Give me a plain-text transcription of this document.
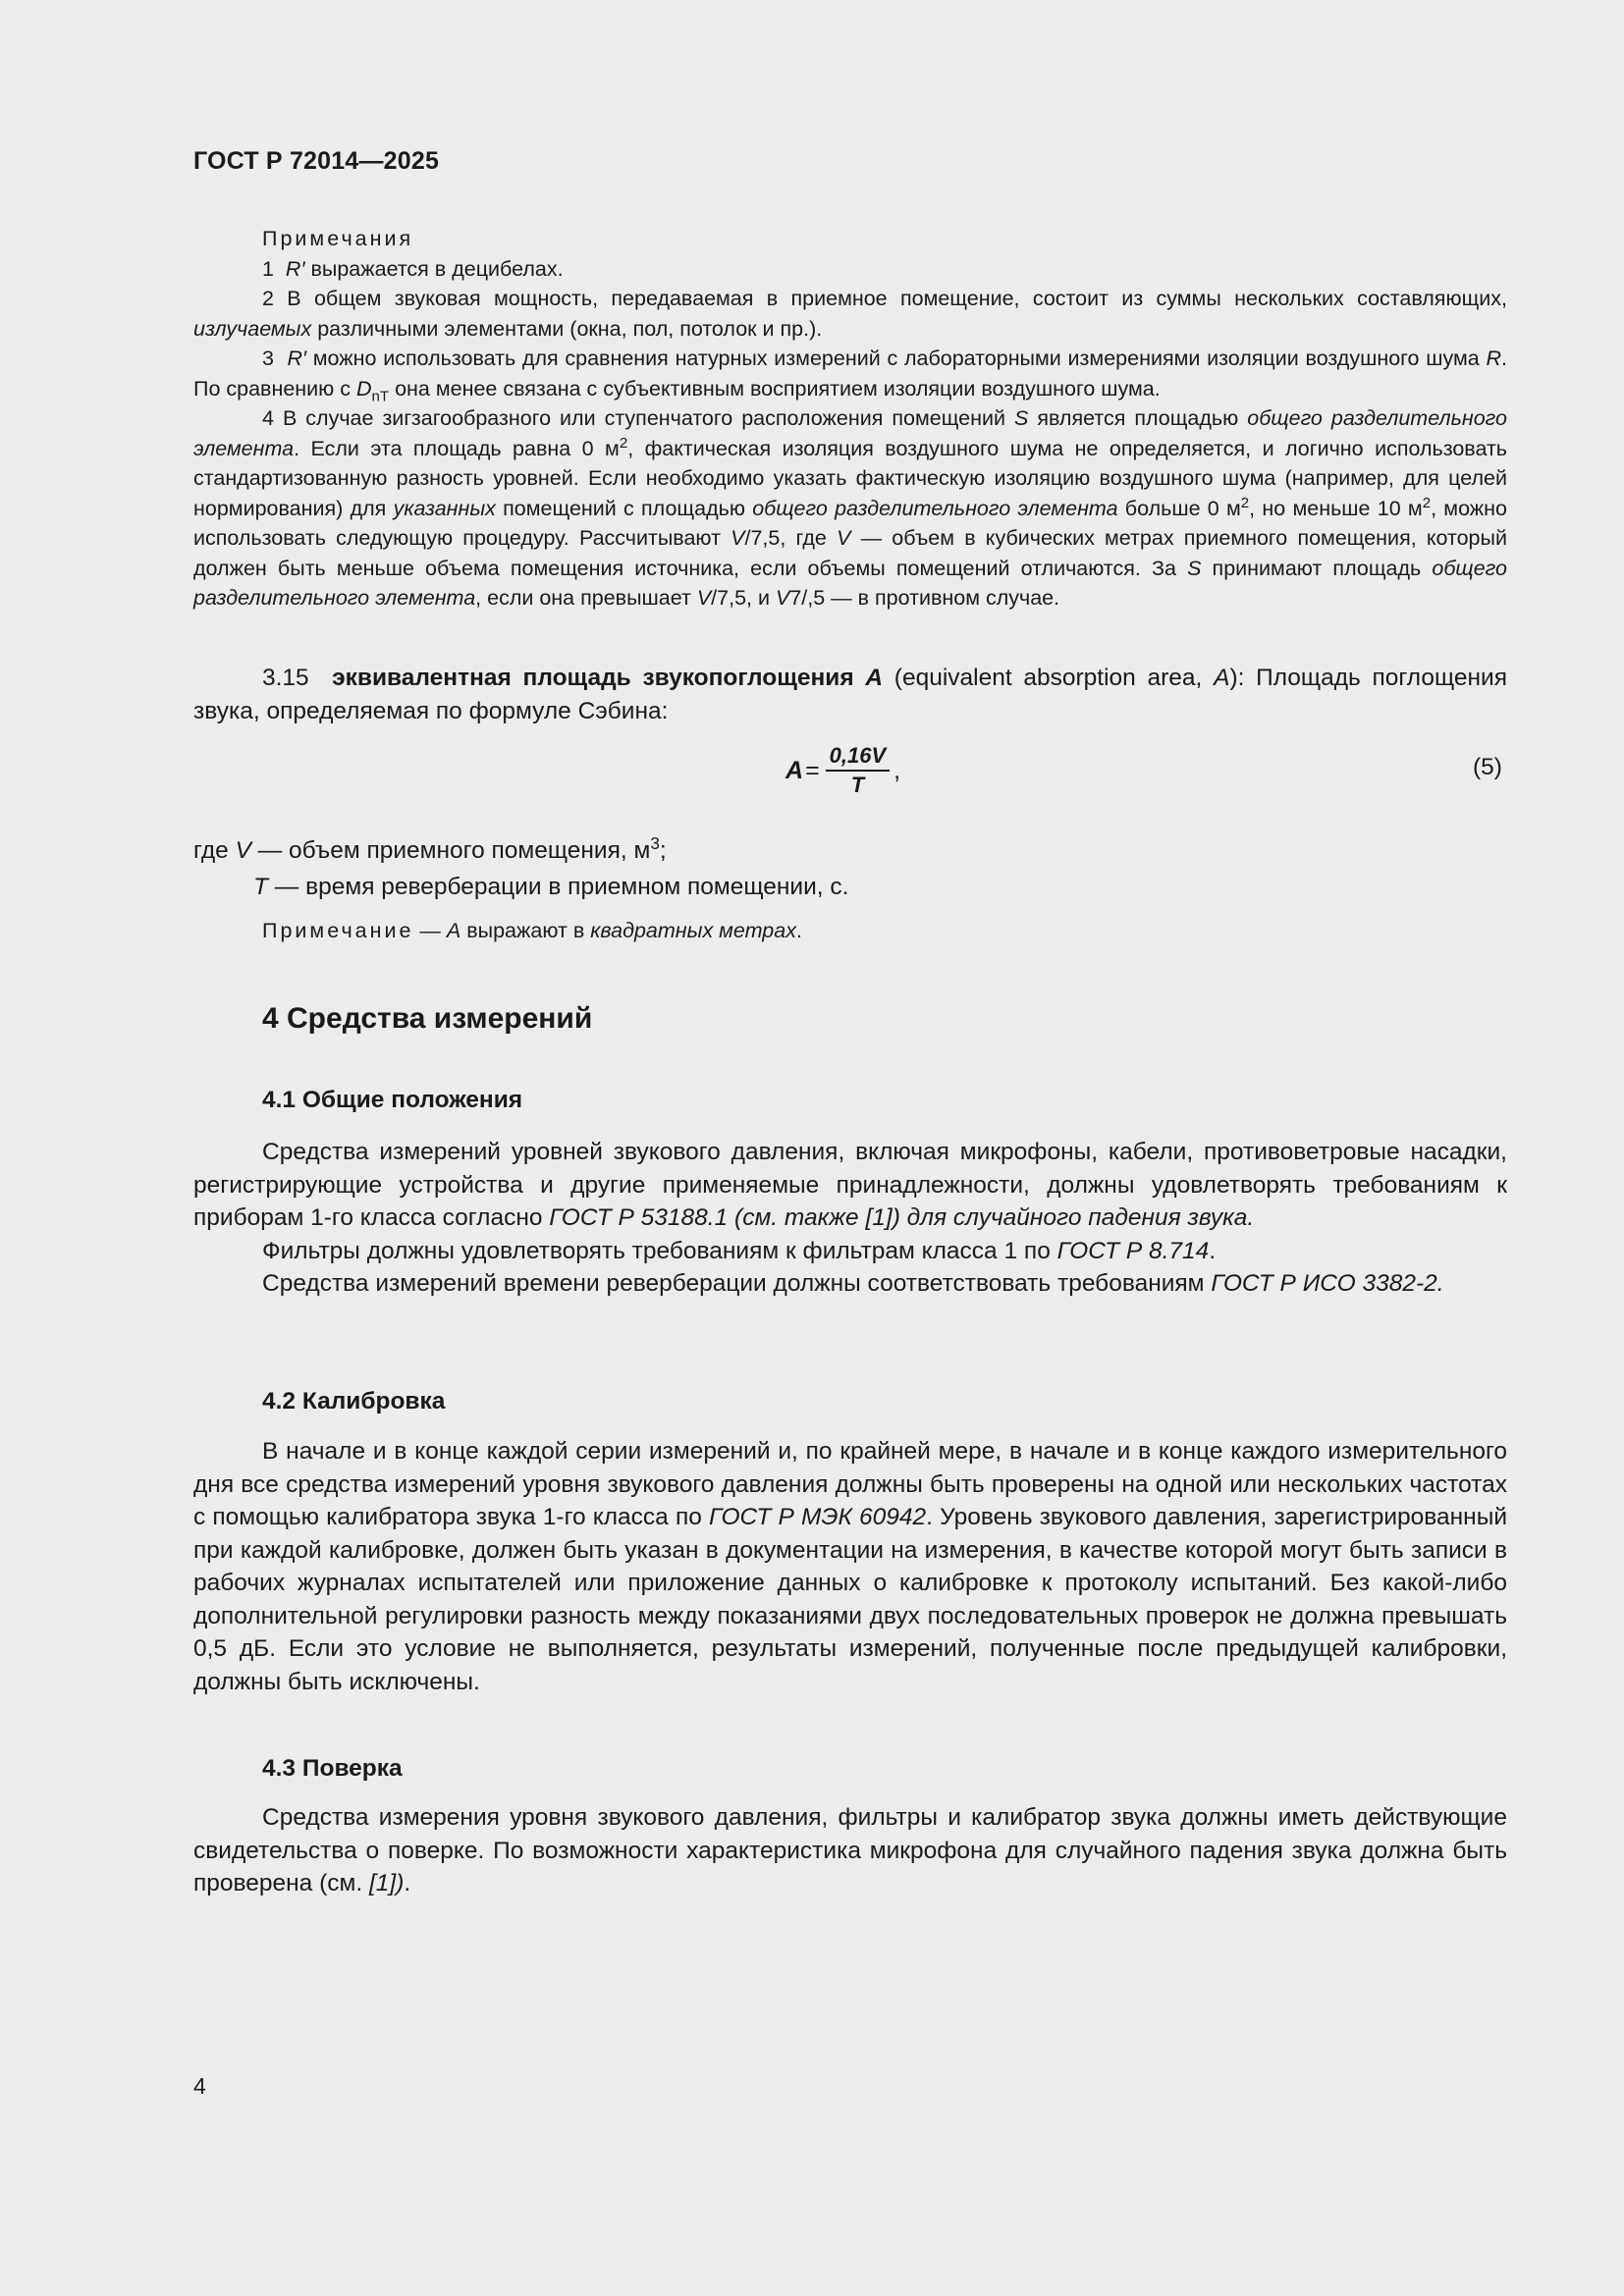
ГОСТ Р 72014—2025

Примечания

1 R′ выражается в децибелах.

2 В общем звуковая мощность, передаваемая в приемное помещение, состоит из суммы нескольких составляющих, излучаемых различными элементами (окна, пол, потолок и пр.).

3 R′ можно использовать для сравнения натурных измерений с лабораторными измерениями изоляции воздушного шума R. По сравнению с $D_{nT}$ она менее связана с субъективным восприятием изоляции воздушного шума.

4 В случае зигзагообразного или ступенчатого расположения помещений S является площадью общего разделительного элемента. Если эта площадь равна 0 $м^2$, фактическая изоляция воздушного шума не определяется, и логично использовать стандартизованную разность уровней. Если необходимо указать фактическую изоляцию воздушного шума (например, для целей нормирования) для указанных помещений с площадью общего разделительного элемента больше 0 $м^2$, но меньше 10 $м^2$, можно использовать следующую процедуру. Рассчитывают V/7,5, где V — объем в кубических метрах приемного помещения, который должен быть меньше объема помещения источника, если объемы помещений отличаются. За S принимают площадь общего разделительного элемента, если она превышает V/7,5, и V7/,5 — в противном случае.

3.15 эквивалентная площадь звукопоглощения A (equivalent absorption area, A): Площадь поглощения звука, определяемая по формуле Сэбина:

$A = \frac{0,16V}{T}$ ,	(5)
где V — объем приемного помещения, $м^3$;
T — время реверберации в приемном помещении, с.

Примечание — A выражают в квадратных метрах.

4 Средства измерений
4.1 Общие положения

Средства измерений уровней звукового давления, включая микрофоны, кабели, противоветровые насадки, регистрирующие устройства и другие применяемые принадлежности, должны удовлетворять требованиям к приборам 1-го класса согласно ГОСТ Р 53188.1 (см. также [1]) для случайного падения звука.

Фильтры должны удовлетворять требованиям к фильтрам класса 1 по ГОСТ Р 8.714.

Средства измерений времени реверберации должны соответствовать требованиям ГОСТ Р ИСО 3382-2.

4.2 Калибровка

В начале и в конце каждой серии измерений и, по крайней мере, в начале и в конце каждого измерительного дня все средства измерений уровня звукового давления должны быть проверены на одной или нескольких частотах с помощью калибратора звука 1-го класса по ГОСТ Р МЭК 60942. Уровень звукового давления, зарегистрированный при каждой калибровке, должен быть указан в документации на измерения, в качестве которой могут быть записи в рабочих журналах испытателей или приложение данных о калибровке к протоколу испытаний. Без какой-либо дополнительной регулировки разность между показаниями двух последовательных проверок не должна превышать 0,5 дБ. Если это условие не выполняется, результаты измерений, полученные после предыдущей калибровки, должны быть исключены.

4.3 Поверка

Средства измерения уровня звукового давления, фильтры и калибратор звука должны иметь действующие свидетельства о поверке. По возможности характеристика микрофона для случайного падения звука должна быть проверена (см. [1]).

4
